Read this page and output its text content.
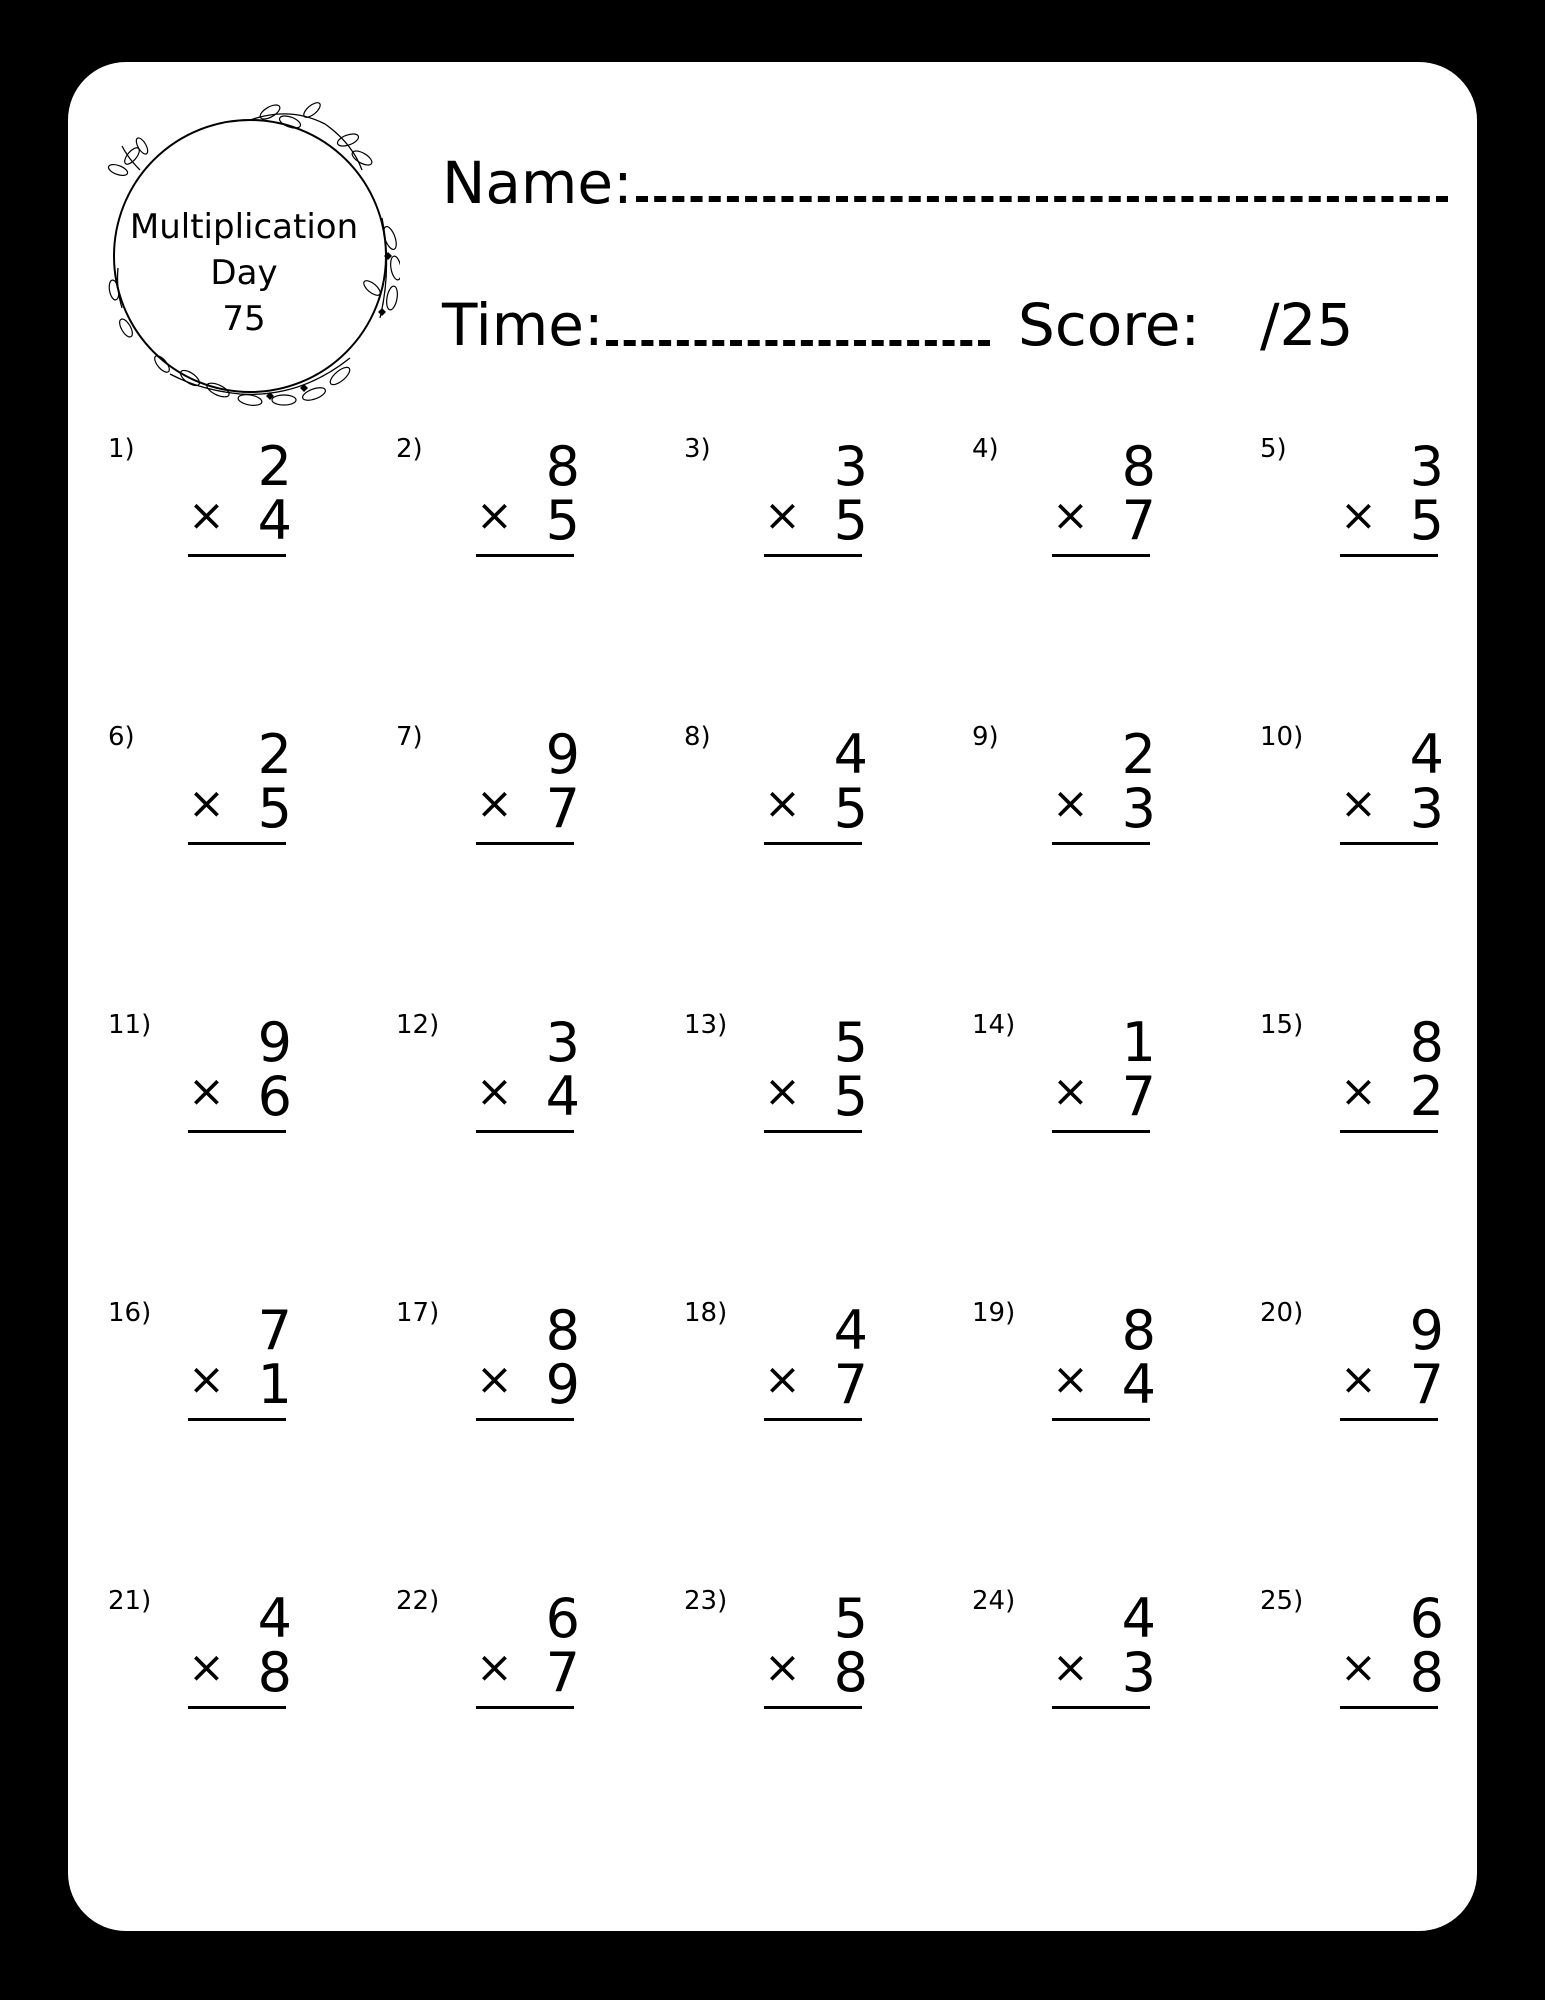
Multiplication
Day
75
Name:
Time:	Score: /25
1) 2
× 4
2) 8
× 5
3) 3
× 5
4) 8
× 7
5) 3
× 5
6) 2
× 5
7) 9
× 7
8) 4
× 5
9) 2
× 3
10) 4
× 3
11) 9
× 6
12) 3
× 4
13) 5
× 5
14) 1
× 7
15) 8
× 2
16) 7
× 1
17) 8
× 9
18) 4
× 7
19) 8
× 4
20) 9
× 7
21) 4
× 8
22) 6
× 7
23) 5
× 8
24) 4
× 3
25) 6
× 8
